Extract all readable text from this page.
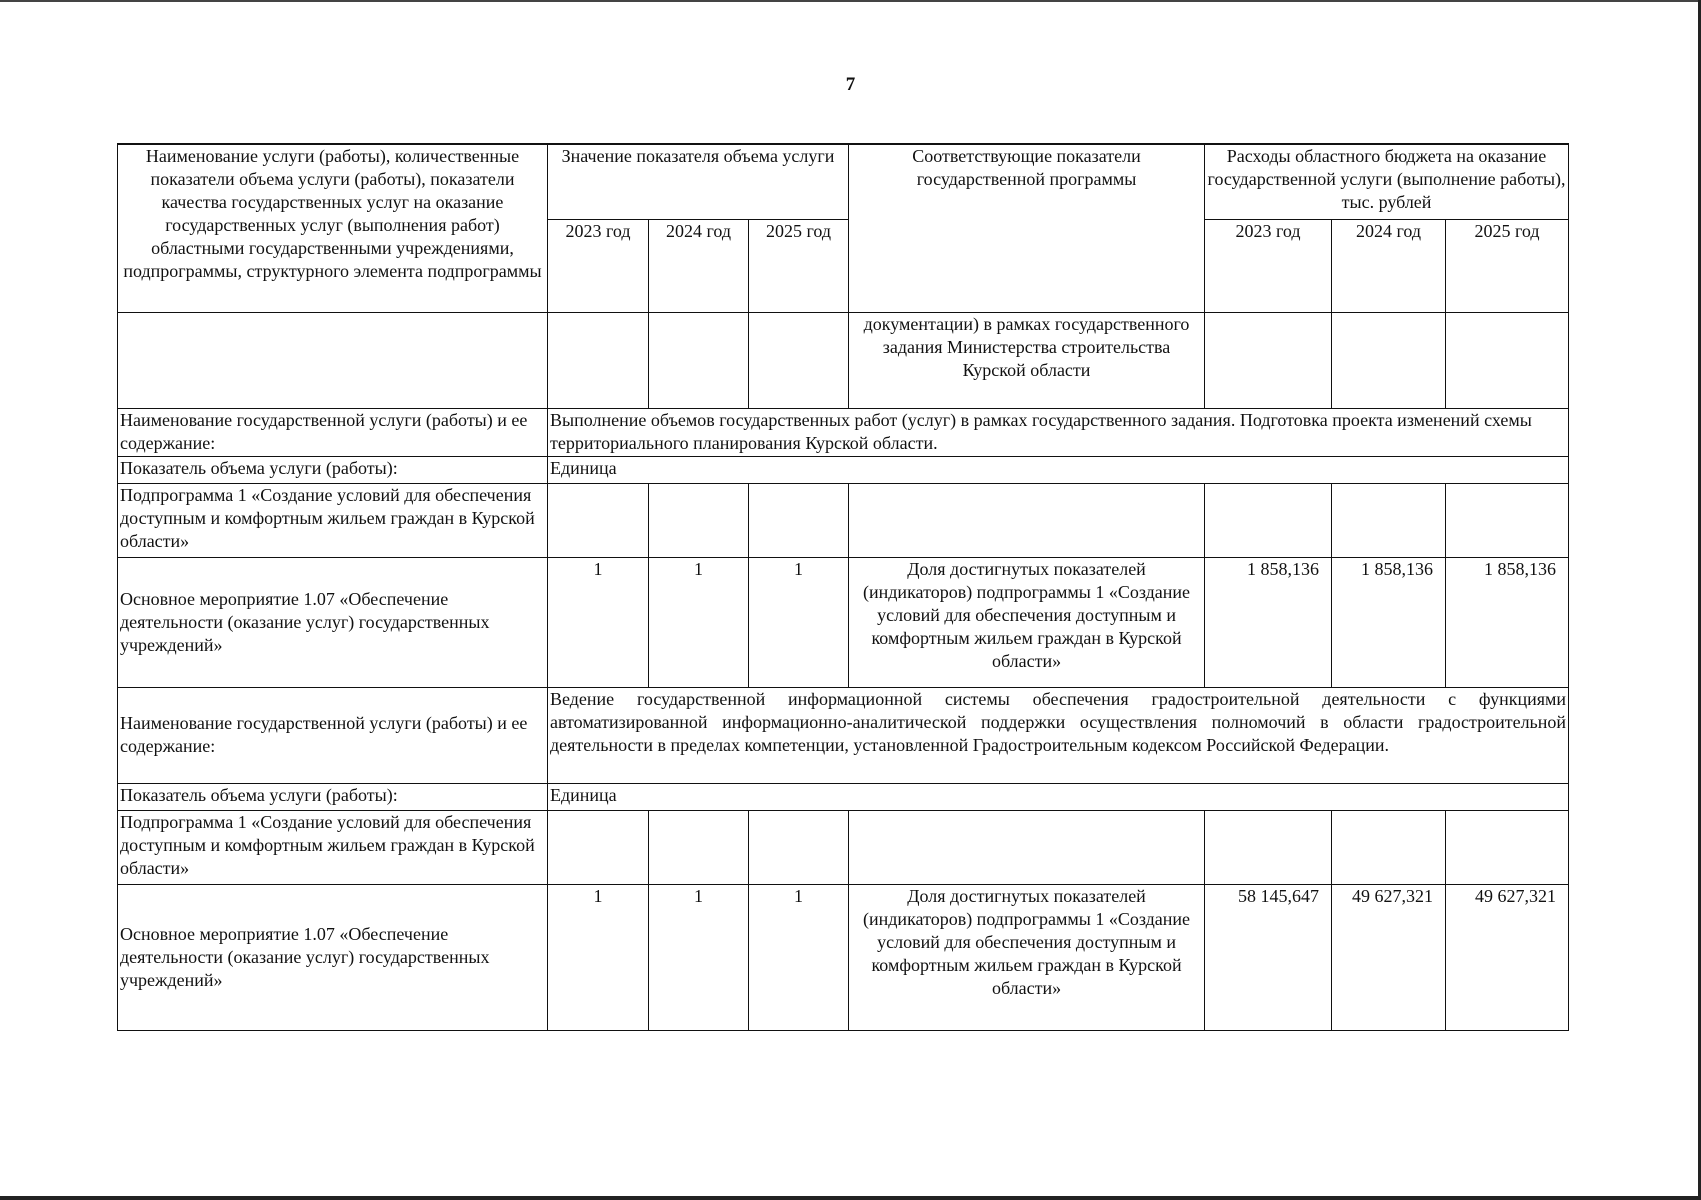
7
Наименование услуги (работы), количественные показатели объема услуги (работы), показатели качества государственных услуг на оказание государственных услуг (выполнения работ) областными государственными учреждениями, подпрограммы, структурного элемента подпрограммы	Значение показателя объема услуги			Соответствующие показатели государственной программы	Расходы областного бюджета на оказание государственной услуги (выполнение работы), тыс. рублей		
	2023 год	2024 год	2025 год		2023 год	2024 год	2025 год
				документации) в рамках государственного задания Министерства строительства Курской области			
Наименование государственной услуги (работы) и ее содержание:	Выполнение объемов государственных работ (услуг) в рамках государственного задания. Подготовка проекта изменений схемы территориального планирования Курской области.						
Показатель объема услуги (работы):	Единица						
Подпрограмма 1 «Создание условий для обеспечения доступным и комфортным жильем граждан в Курской области»							
Основное мероприятие 1.07 «Обеспечение деятельности (оказание услуг) государственных учреждений»	1	1	1	Доля достигнутых показателей (индикаторов) подпрограммы 1 «Создание условий для обеспечения доступным и комфортным жильем граждан в Курской области»	1 858,136	1 858,136	1 858,136
Наименование государственной услуги (работы) и ее содержание:	Ведение государственной информационной системы обеспечения градостроительной деятельности с функциями автоматизированной информационно-аналитической поддержки осуществления полномочий в области градостроительной деятельности в пределах компетенции, установленной Градостроительным кодексом Российской Федерации.						
Показатель объема услуги (работы):	Единица						
Подпрограмма 1 «Создание условий для обеспечения доступным и комфортным жильем граждан в Курской области»							
Основное мероприятие 1.07 «Обеспечение деятельности (оказание услуг) государственных учреждений»	1	1	1	Доля достигнутых показателей (индикаторов) подпрограммы 1 «Создание условий для обеспечения доступным и комфортным жильем граждан в Курской области»	58 145,647	49 627,321	49 627,321
